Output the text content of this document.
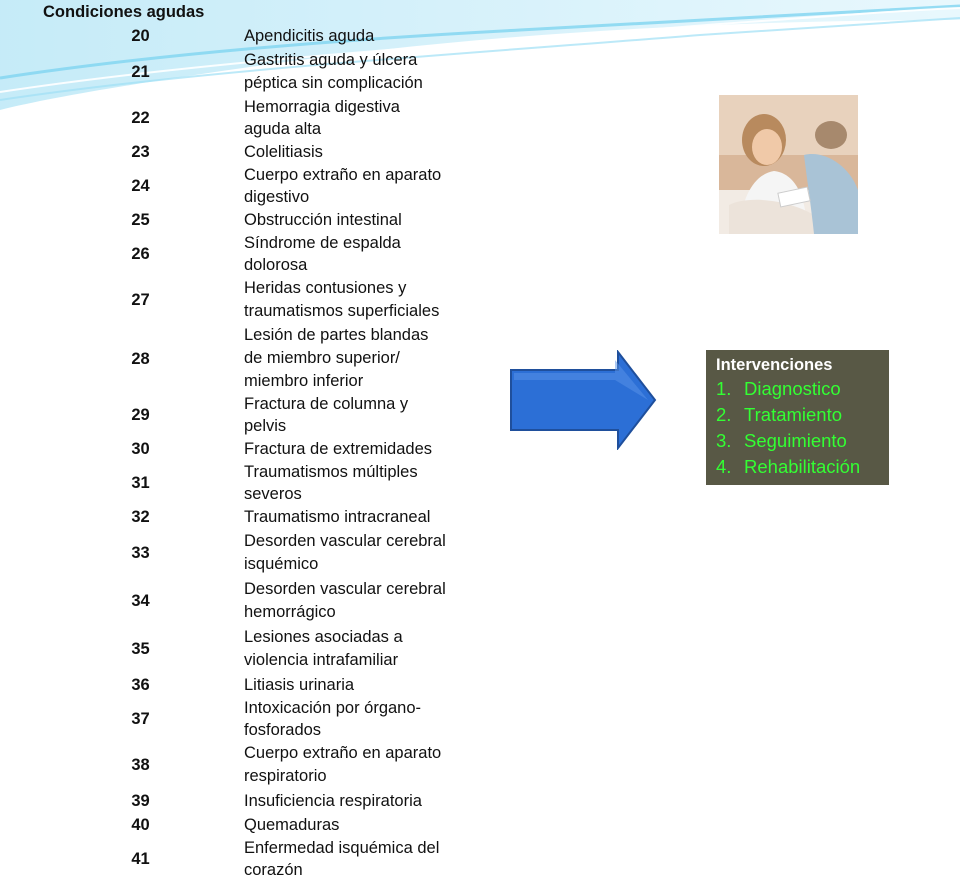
Condiciones agudas	
20	Apendicitis aguda
21	Gastritis aguda y úlcera péptica sin complicación
22	Hemorragia digestiva aguda alta
23	Colelitiasis
24	Cuerpo extraño en aparato digestivo
25	Obstrucción intestinal
26	Síndrome de espalda dolorosa
27	Heridas contusiones y traumatismos superficiales
28	Lesión de partes blandas de miembro superior/ miembro inferior
29	Fractura de columna y pelvis
30	Fractura de extremidades
31	Traumatismos múltiples severos
32	Traumatismo intracraneal
33	Desorden vascular cerebral isquémico
34	Desorden vascular cerebral hemorrágico
35	Lesiones asociadas a violencia intrafamiliar
36	Litiasis urinaria
37	Intoxicación por órgano-fosforados
38	Cuerpo extraño en aparato respiratorio
39	Insuficiencia respiratoria
40	Quemaduras
41	Enfermedad isquémica del corazón
Intervenciones
1. Diagnostico
2. Tratamiento
3. Seguimiento
4. Rehabilitación
